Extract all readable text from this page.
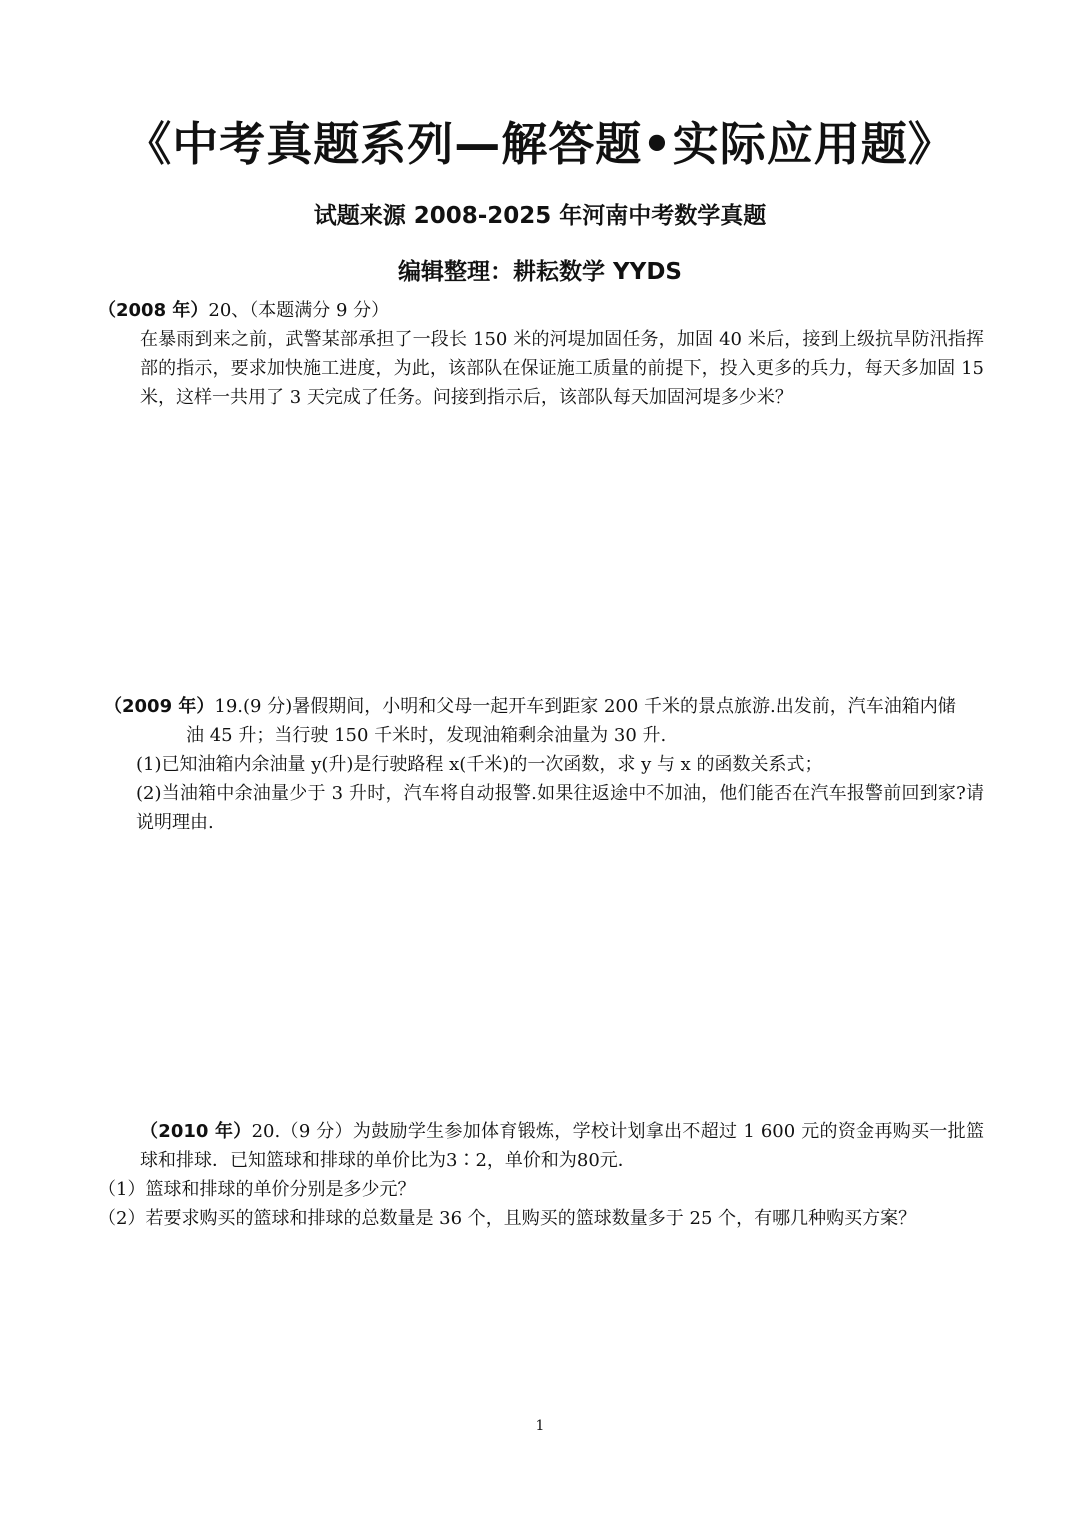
《中考真题系列—解答题•实际应用题》
试题来源 2008-2025 年河南中考数学真题
编辑整理：耕耘数学 YYDS

（2008 年）20、（本题满分 9 分）

在暴雨到来之前，武警某部承担了一段长 150 米的河堤加固任务，加固 40 米后，接到上级抗旱防汛指挥部的指示，要求加快施工进度，为此，该部队在保证施工质量的前提下，投入更多的兵力，每天多加固 15 米，这样一共用了 3 天完成了任务。问接到指示后，该部队每天加固河堤多少米？

（2009 年）19.(9 分)暑假期间，小明和父母一起开车到距家 200 千米的景点旅游.出发前，汽车油箱内储

油 45 升；当行驶 150 千米时，发现油箱剩余油量为 30 升.

(1)已知油箱内余油量 y(升)是行驶路程 x(千米)的一次函数，求 y 与 x 的函数关系式；

(2)当油箱中余油量少于 3 升时，汽车将自动报警.如果往返途中不加油，他们能否在汽车报警前回到家?请说明理由.

（2010 年）20.（9 分）为鼓励学生参加体育锻炼，学校计划拿出不超过 1 600 元的资金再购买一批篮球和排球．已知篮球和排球的单价比为3∶2，单价和为80元．

（1）篮球和排球的单价分别是多少元？

（2）若要求购买的篮球和排球的总数量是 36 个，且购买的篮球数量多于 25 个，有哪几种购买方案？

1
